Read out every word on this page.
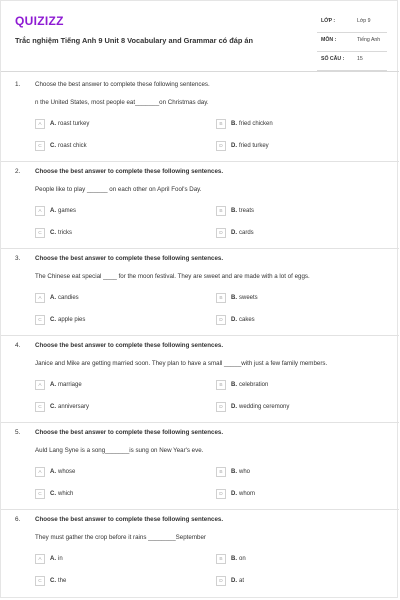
QUIZIZZ
Trắc nghiệm Tiếng Anh 9 Unit 8 Vocabulary and Grammar có đáp án
LỚP :	Lớp 9
MÔN :	Tiếng Anh
SỐ CÂU : 15
1. Choose the best answer to complete these following sentences.
n the United States, most people eat_______on Christmas day.
A	A. roast turkey	B	B. fried chicken
C	C. roast chick	D	D. fried turkey
2. Choose the best answer to complete these following sentences.
People like to play ______ on each other on April Fool's Day.
A	A. games	B	B. treats
C	C. tricks	D	D. cards
3. Choose the best answer to complete these following sentences.
The Chinese eat special ____ for the moon festival. They are sweet and are made with a lot of eggs.
A	A. candies	B	B. sweets
C	C. apple pies	D	D. cakes
4. Choose the best answer to complete these following sentences.
Janice and Mike are getting married soon. They plan to have a small _____with just a few family members.
A	A. marriage	B	B. celebration
C	C. anniversary	D	D. wedding ceremony
5. Choose the best answer to complete these following sentences.
Auld Lang Syne is a song_______is sung on New Year's eve.
A	A. whose	B	B. who
C	C. which	D	D. whom
6. Choose the best answer to complete these following sentences.
They must gather the crop before it rains ________September
A	A. in	B	B. on
C	C. the	D	D. at
